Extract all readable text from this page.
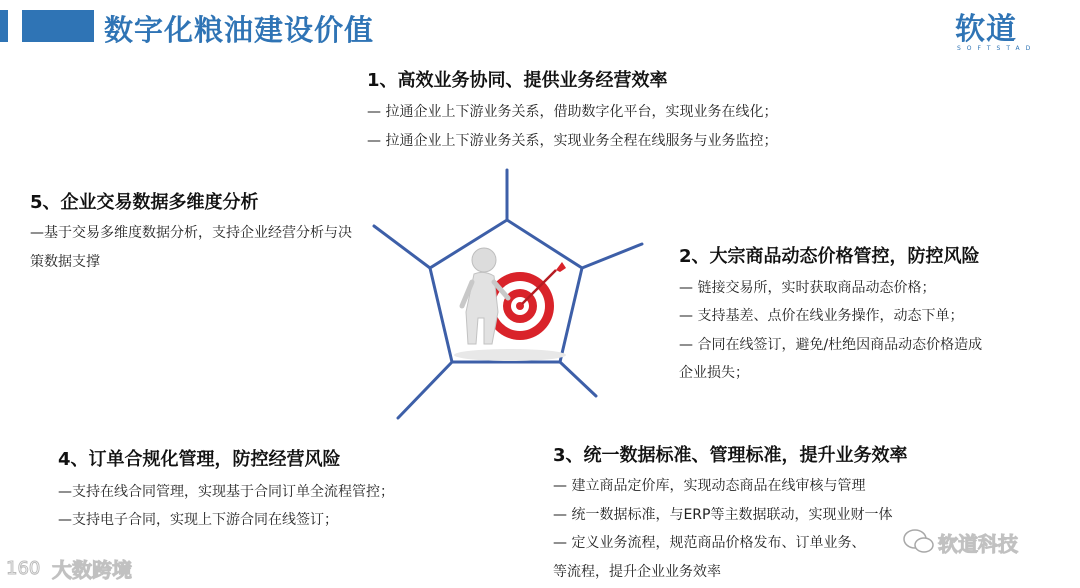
数字化粮油建设价值	软道
SOFTSTAD
1、高效业务协同、提供业务经营效率
— 拉通企业上下游业务关系，借助数字化平台，实现业务在线化；
— 拉通企业上下游业务关系，实现业务全程在线服务与业务监控；
5、企业交易数据多维度分析
—基于交易多维度数据分析，支持企业经营分析与决
策数据支撑	2、大宗商品动态价格管控，防控风险
— 链接交易所，实时获取商品动态价格；
— 支持基差、点价在线业务操作，动态下单；
— 合同在线签订，避免/杜绝因商品动态价格造成
企业损失；
4、订单合规化管理，防控经营风险
—支持在线合同管理，实现基于合同订单全流程管控；
—支持电子合同，实现上下游合同在线签订；
3、统一数据标准、管理标准，提升业务效率
— 建立商品定价库，实现动态商品在线审核与管理
— 统一数据标准，与ERP等主数据联动，实现业财一体
— 定义业务流程，规范商品价格发布、订单业务、
等流程，提升企业业务效率
160 大数跨境
软道科技
